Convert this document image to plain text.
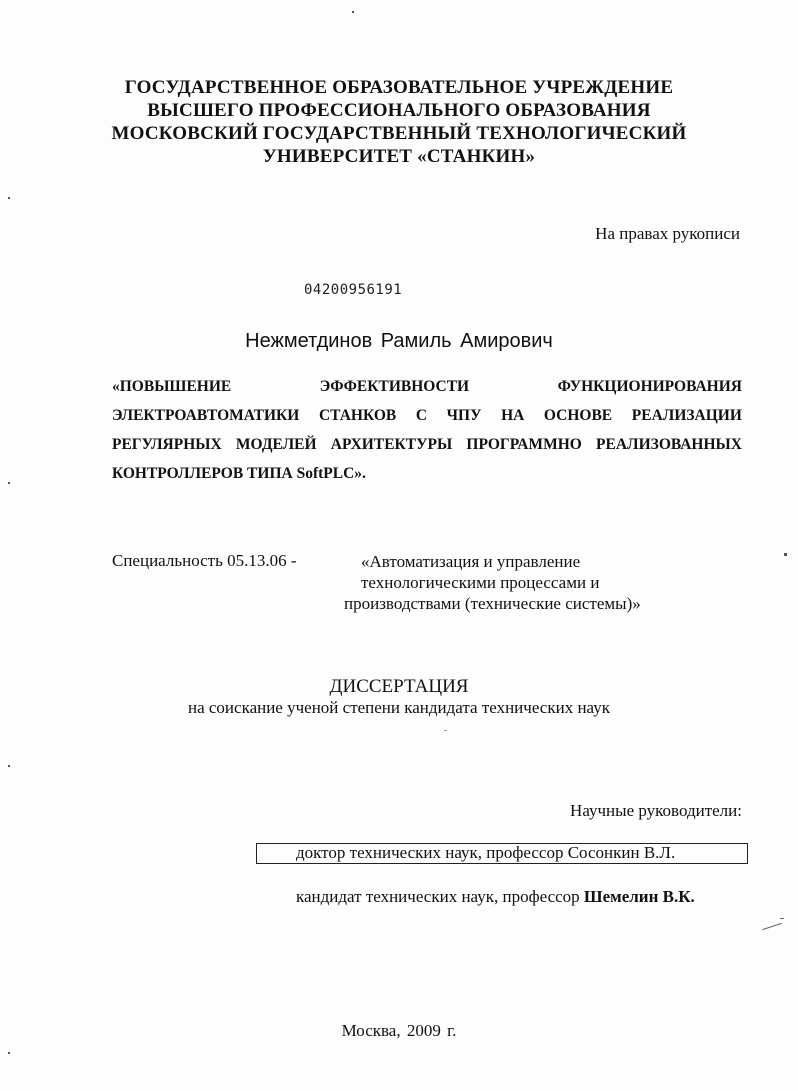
ГОСУДАРСТВЕННОЕ ОБРАЗОВАТЕЛЬНОЕ УЧРЕЖДЕНИЕ
ВЫСШЕГО ПРОФЕССИОНАЛЬНОГО ОБРАЗОВАНИЯ
МОСКОВСКИЙ ГОСУДАРСТВЕННЫЙ ТЕХНОЛОГИЧЕСКИЙ
УНИВЕРСИТЕТ «СТАНКИН»
На правах рукописи
04200956191
Нежметдинов Рамиль Амирович
«ПОВЫШЕНИЕ	ЭФФЕКТИВНОСТИ	ФУНКЦИОНИРОВАНИЯ
ЭЛЕКТРОАВТОМАТИКИ СТАНКОВ С ЧПУ НА ОСНОВЕ РЕАЛИЗАЦИИ
РЕГУЛЯРНЫХ МОДЕЛЕЙ АРХИТЕКТУРЫ ПРОГРАММНО РЕАЛИЗОВАННЫХ
КОНТРОЛЛЕРОВ ТИПА SoftPLC».
Специальность 05.13.06 -	«Автоматизация и управление
технологическими процессами и
производствами (технические системы)»
ДИССЕРТАЦИЯ
на соискание ученой степени кандидата технических наук
Научные руководители:
доктор технических наук, профессор Сосонкин В.Л.
кандидат технических наук, профессор Шемелин В.К.
Москва, 2009 г.
